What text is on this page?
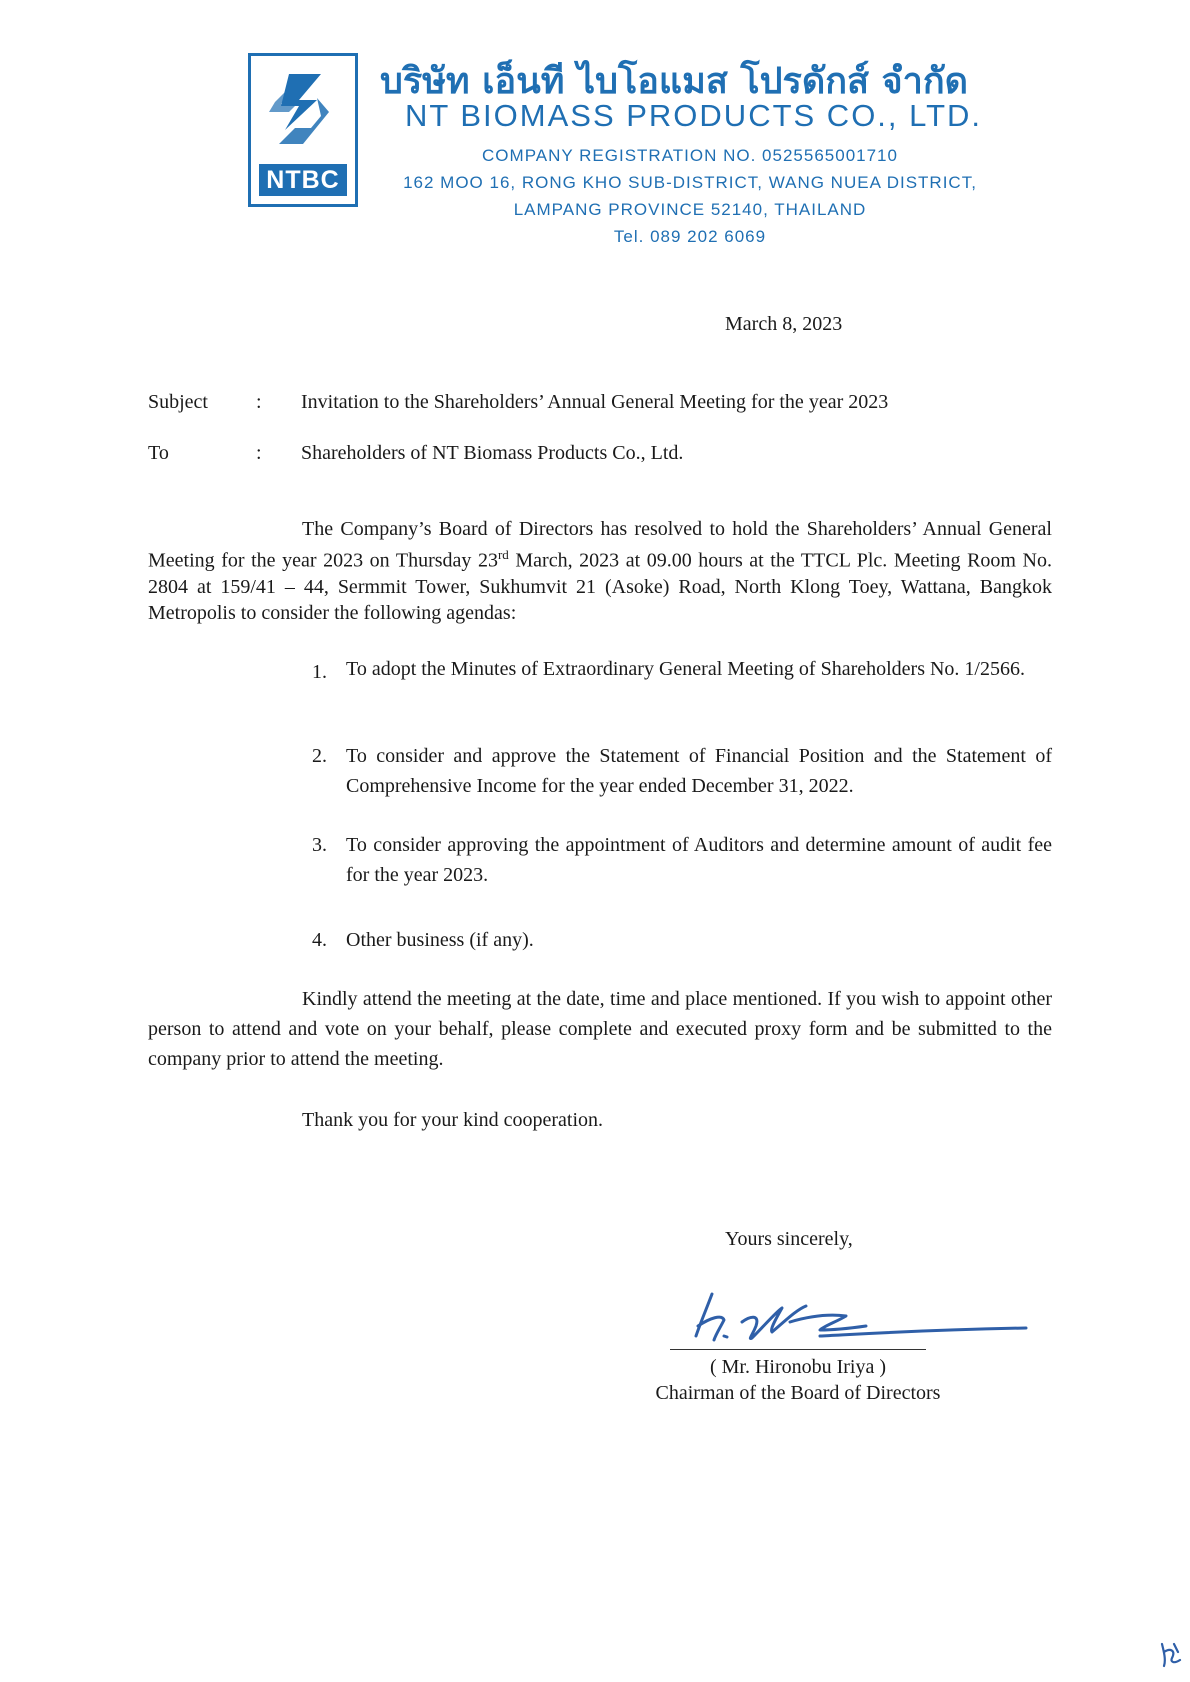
NTBC
บริษัท เอ็นที ไบโอแมส โปรดักส์ จำกัด
NT BIOMASS PRODUCTS CO., LTD.
COMPANY REGISTRATION NO. 0525565001710
162 MOO 16, RONG KHO SUB-DISTRICT, WANG NUEA DISTRICT,
LAMPANG PROVINCE 52140, THAILAND
Tel. 089 202 6069
March 8, 2023
Subject : Invitation to the Shareholders’ Annual General Meeting for the year 2023
To	: Shareholders of NT Biomass Products Co., Ltd.
The Company’s Board of Directors has resolved to hold the Shareholders’ Annual General Meeting for the year 2023 on Thursday 23rd March, 2023 at 09.00 hours at the TTCL Plc. Meeting Room No. 2804 at 159/41 – 44, Sermmit Tower, Sukhumvit 21 (Asoke) Road, North Klong Toey, Wattana, Bangkok Metropolis to consider the following agendas:
1. To adopt the Minutes of Extraordinary General Meeting of Shareholders No. 1/2566.
2. To consider and approve the Statement of Financial Position and the Statement of Comprehensive Income for the year ended December 31, 2022.
3. To consider approving the appointment of Auditors and determine amount of audit fee for the year 2023.
4. Other business (if any).
Kindly attend the meeting at the date, time and place mentioned. If you wish to appoint other person to attend and vote on your behalf, please complete and executed proxy form and be submitted to the company prior to attend the meeting.
Thank you for your kind cooperation.
Yours sincerely,
( Mr. Hironobu Iriya )
Chairman of the Board of Directors
